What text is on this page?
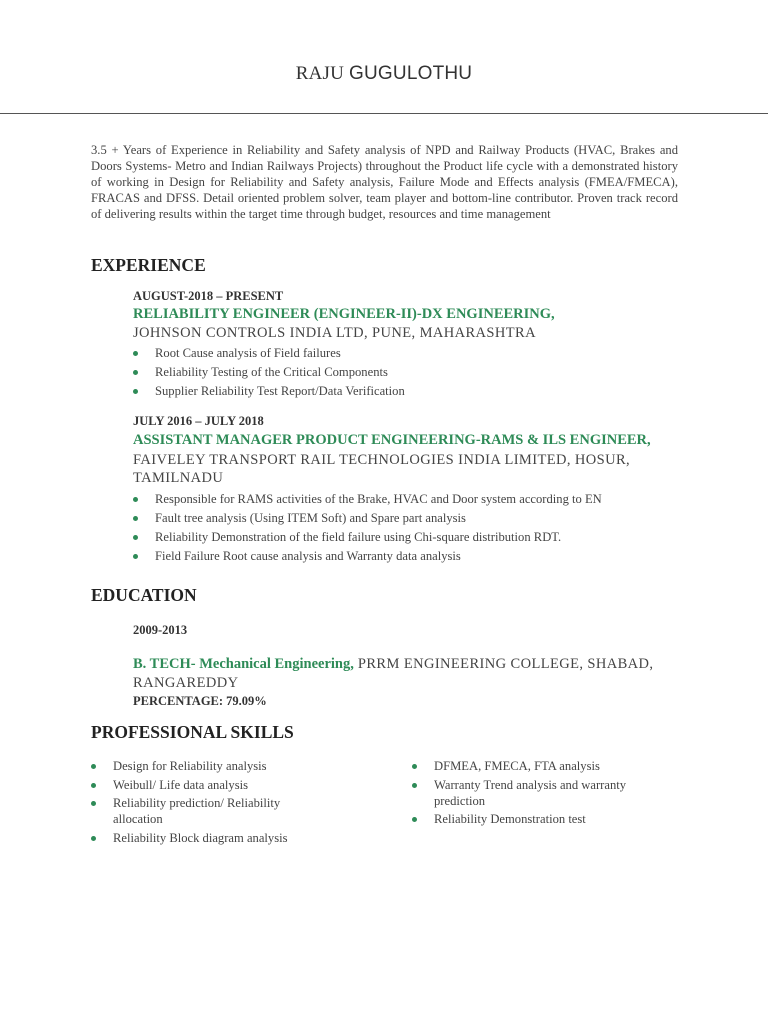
RAJU GUGULOTHU

3.5 + Years of Experience in Reliability and Safety analysis of NPD and Railway Products (HVAC, Brakes and Doors Systems- Metro and Indian Railways Projects) throughout the Product life cycle with a demonstrated history of working in Design for Reliability and Safety analysis, Failure Mode and Effects analysis (FMEA/FMECA), FRACAS and DFSS. Detail oriented problem solver, team player and bottom-line contributor. Proven track record of delivering results within the target time through budget, resources and time management

EXPERIENCE
AUGUST-2018 – PRESENT
RELIABILITY ENGINEER (ENGINEER-II)-DX ENGINEERING,
JOHNSON CONTROLS INDIA LTD, PUNE, MAHARASHTRA
Root Cause analysis of Field failures
Reliability Testing of the Critical Components
Supplier Reliability Test Report/Data Verification
JULY 2016 – JULY 2018
ASSISTANT MANAGER PRODUCT ENGINEERING-RAMS & ILS ENGINEER,
FAIVELEY TRANSPORT RAIL TECHNOLOGIES INDIA LIMITED, HOSUR, TAMILNADU
Responsible for RAMS activities of the Brake, HVAC and Door system according to EN
Fault tree analysis (Using ITEM Soft) and Spare part analysis
Reliability Demonstration of the field failure using Chi-square distribution RDT.
Field Failure Root cause analysis and Warranty data analysis
EDUCATION
2009-2013
B. TECH- Mechanical Engineering, PRRM ENGINEERING COLLEGE, SHABAD, RANGAREDDY
PERCENTAGE: 79.09%
PROFESSIONAL SKILLS
Design for Reliability analysis
Weibull/ Life data analysis
Reliability prediction/ Reliability allocation
Reliability Block diagram analysis
DFMEA, FMECA, FTA analysis
Warranty Trend analysis and warranty prediction
Reliability Demonstration test
